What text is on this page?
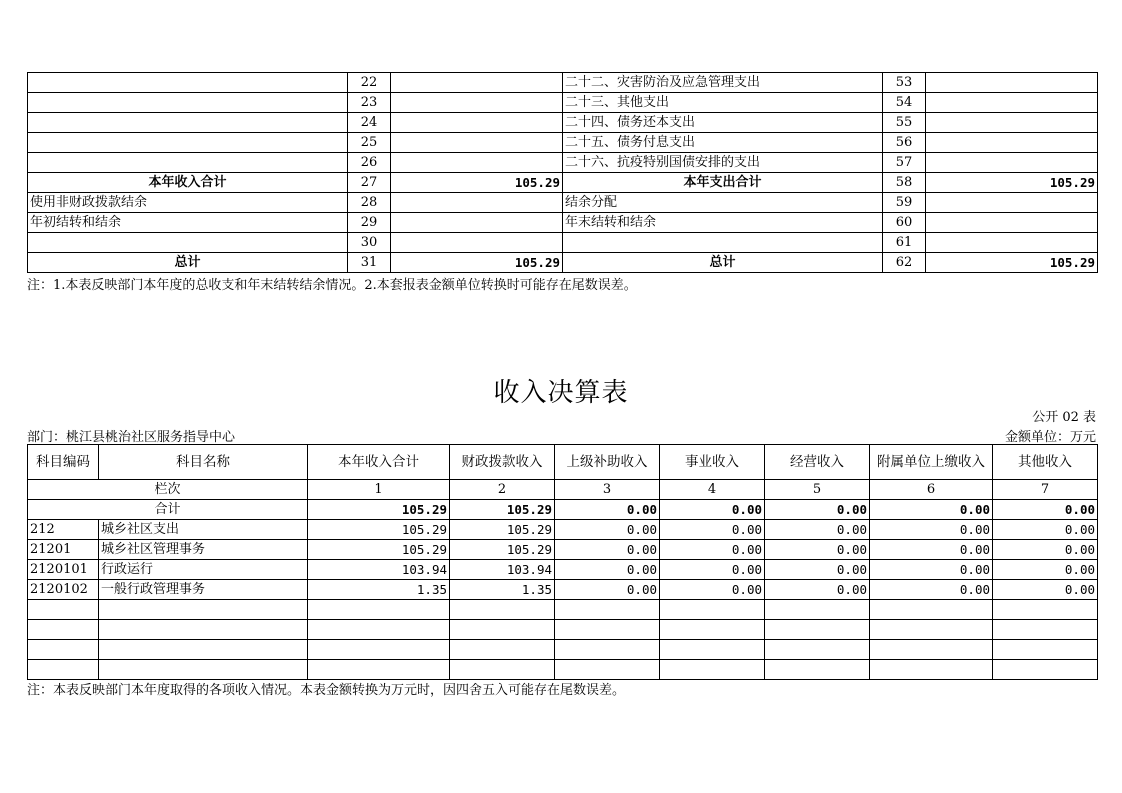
	22		二十二、灾害防治及应急管理支出	53	
	23		二十三、其他支出	54	
	24		二十四、债务还本支出	55	
	25		二十五、债务付息支出	56	
	26		二十六、抗疫特别国债安排的支出	57	
本年收入合计	27	105.29	本年支出合计	58	105.29
使用非财政拨款结余	28		结余分配	59	
年初结转和结余	29		年末结转和结余	60	
	30			61	
总计	31	105.29	总计	62	105.29
注：1.本表反映部门本年度的总收支和年末结转结余情况。2.本套报表金额单位转换时可能存在尾数误差。
收入决算表
公开 02 表
部门：桃江县桃治社区服务指导中心	金额单位：万元
科目编码	科目名称	本年收入合计	财政拨款收入	上级补助收入	事业收入	经营收入	附属单位上缴收入	其他收入
栏次		1	2	3	4	5	6	7
合计		105.29	105.29	0.00	0.00	0.00	0.00	0.00
212	城乡社区支出	105.29	105.29	0.00	0.00	0.00	0.00	0.00
21201	城乡社区管理事务	105.29	105.29	0.00	0.00	0.00	0.00	0.00
2120101	行政运行	103.94	103.94	0.00	0.00	0.00	0.00	0.00
2120102	一般行政管理事务	1.35	1.35	0.00	0.00	0.00	0.00	0.00

注：本表反映部门本年度取得的各项收入情况。本表金额转换为万元时，因四舍五入可能存在尾数误差。
